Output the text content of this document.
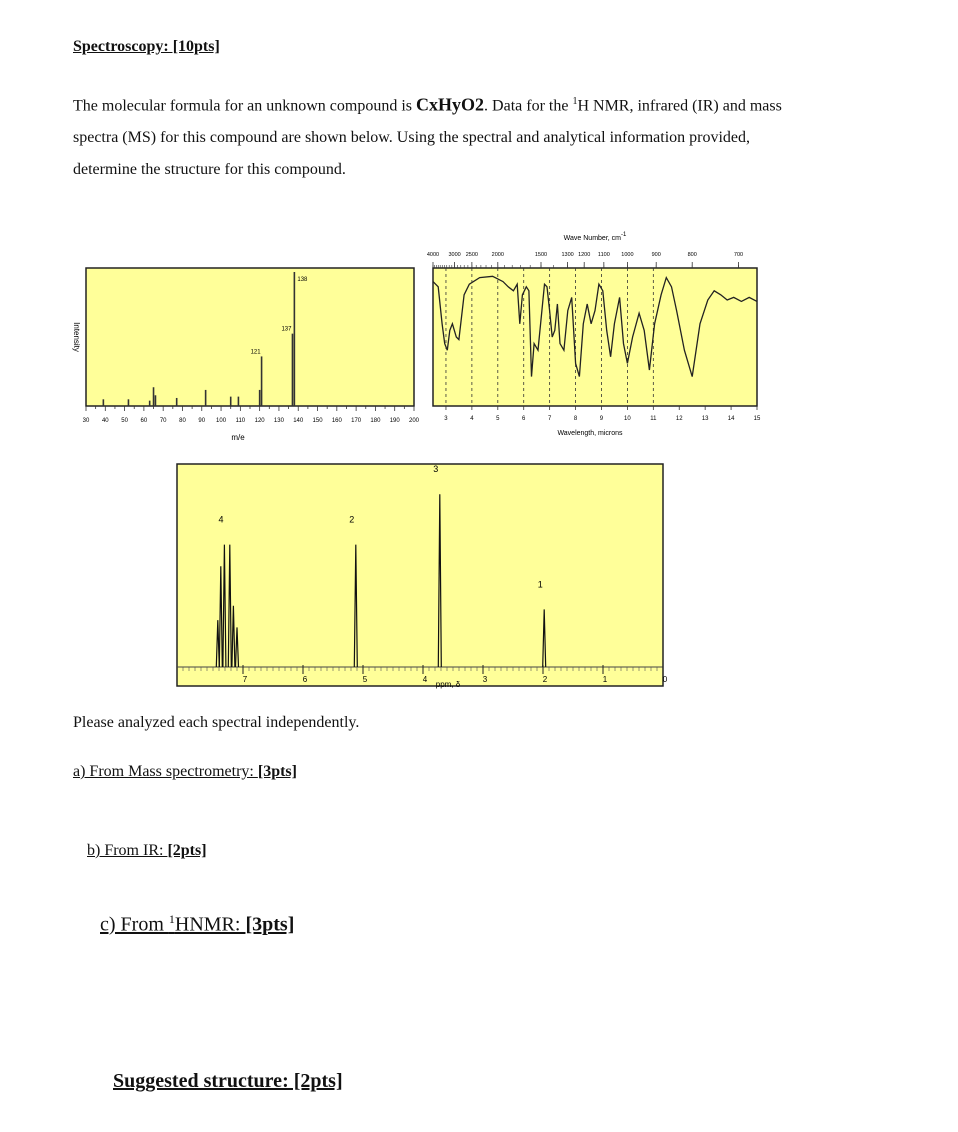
Spectroscopy: [10pts]
The molecular formula for an unknown compound is CxHyO2. Data for the $^1$H NMR, infrared (IR) and mass spectra (MS) for this compound are shown below. Using the spectral and analytical information provided, determine the structure for this compound.
Intensity
30 40 50 60 70 80 90 100 110 120 130 140 150 160 170 180 190 200
121
137
138
m/e
Wave Number, cm-1
4000 3000 2500 2000	1500	1300 1200 1100 1000	900	800	700
3	4	5	6	7	8	9	10	11	12	13	14	15
Wavelength, microns
7	6	5	4	3	2	1	0
4	2
3
1
ppm, δ
Please analyzed each spectral independently.
a) From Mass spectrometry: [3pts]
b) From IR: [2pts]
c) From $^1$HNMR: [3pts]
Suggested structure: [2pts]
